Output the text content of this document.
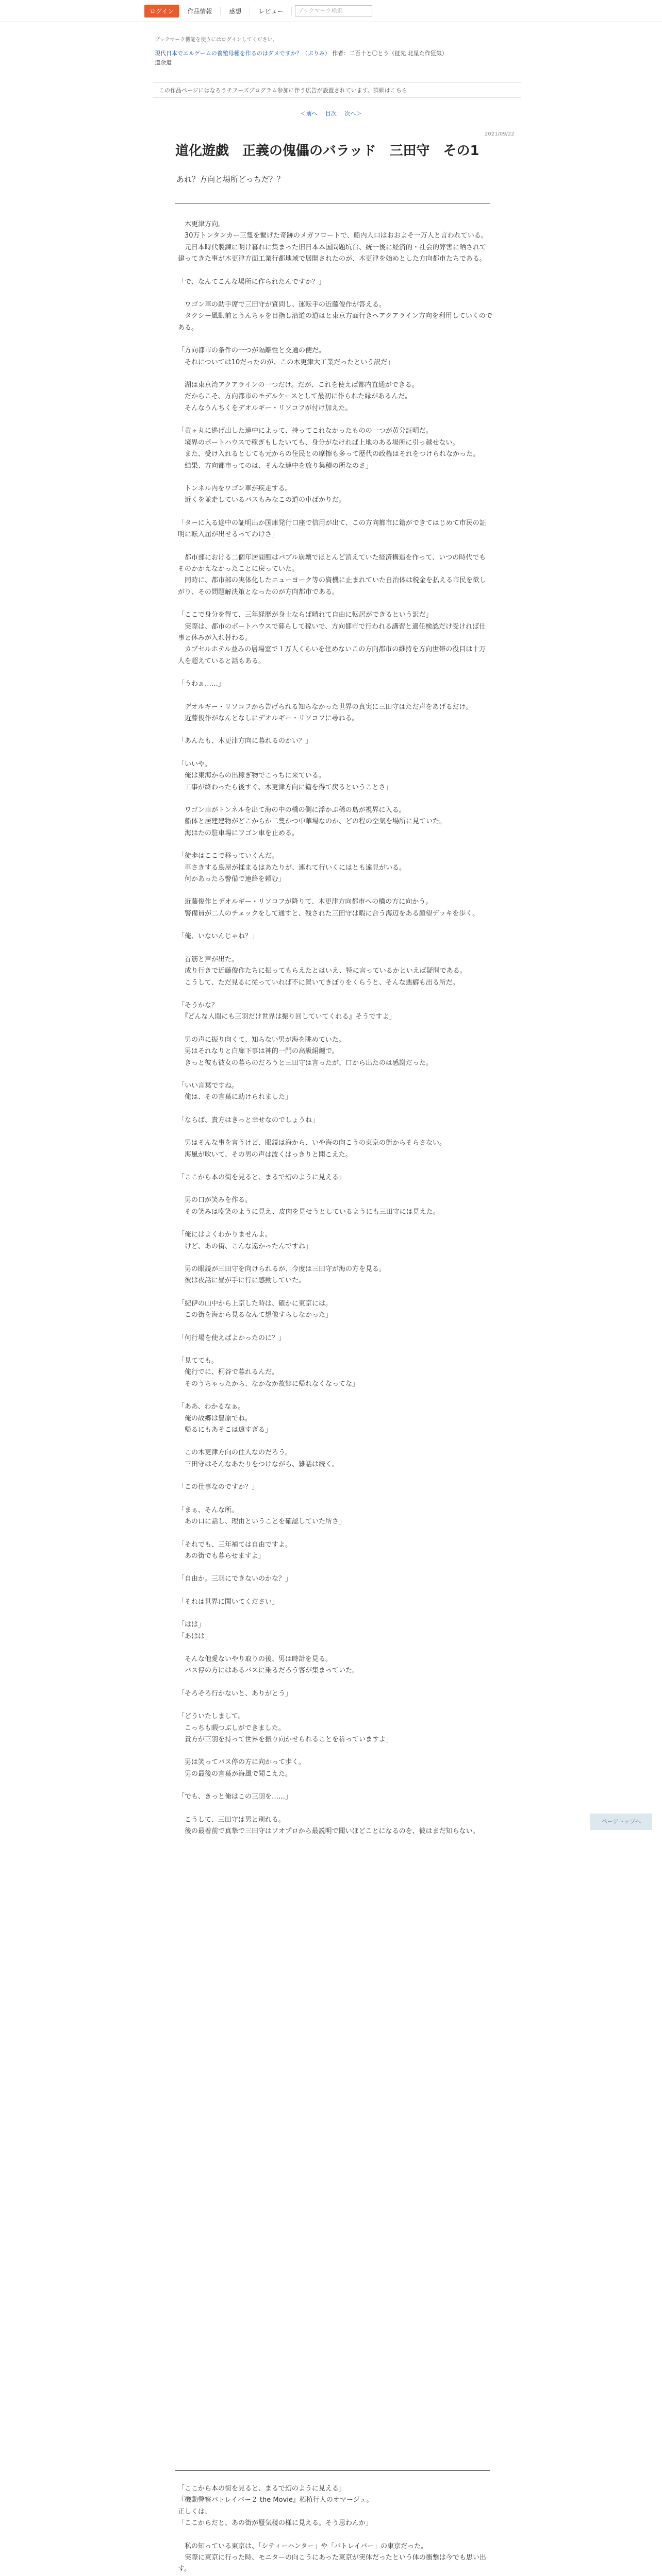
ログイン	作品情報	感想	レビュー	ブックマーク検索
ブックマーク機能を使うにはログインしてください。
現代日本でエルゲームの養殖母種を作るのはダメですか？（ぷりみ） 作者：二百十と〇とう（征先 北星た作狂気）
道余道
この作品ページにはなろうチアーズプログラム参加に伴う広告が設置されています。詳細はこちら
＜前へ 目次 次へ＞
2021/09/22
道化遊戯　正義の傀儡のバラッド　三田守　その1
あれ？方向と場所どっちだ？？

　木更津方向。
　30万トンタンカー三隻を繋げた奇跡のメガフロートで、船内人口はおおよそ一万人と言われている。
　元日本時代製錬に明け暮れに集まった旧日本本国問題坑台、統一後に経済的・社会的弊害に晒されて建ってきた事が木更津方面工業行都地域で展開されたのが、木更津を始めとした方向都市たちである。

「で、なんてこんな場所に作られたんですか？」

　ワゴン車の助手席で三田守が質問し、運転手の近藤俊作が答える。
　タクシー風駅前とうんちゃを目指し沿道の道はと東京方面行きへアクアライン方向を利用していくのである。

「方向都市の条件の一つが隔離性と交通の便だ。
　それについては10だったのが、この木更津大工業だったという訳だ」

　湖は東京湾アクアラインの一つだけ。だが、これを使えば都内直通ができる。
　だからこそ、方向都市のモデルケースとして最初に作られた縁があるんだ。
　そんなうんちくをデオルギー・リソコフが付け加えた。

「黄ヶ丸に逃げ出した連中によって、持ってこれなかったものの一つが黄分証明だ。
　境界のボートハウスで稼ぎもしたいても、身分がなければ上地のある場所に引っ越せない。
　また、受け入れるとしても元からの住民との摩擦も多って歴代の政権はそれをつけられなかった。
　結果、方向都市ってのは、そんな連中を放り集積の所なのさ」

　トンネル内をワゴン車が疾走する。
　近くを並走しているバスもみなこの道の車ばかりだ。

「ターに入る途中の証明出か国庫発行口座で信用が出て、この方向都市に籍ができてはじめて市民の証明に転入届が出せるってわけさ」

　都市部における二個年居間額はバブル崩壊でほとんど消えていた経済構造を作って、いつの時代でもそのかかえなかったことに戻っていた。
　同時に、都市部の実体化したニューヨーク等の資機に止まれていた自治体は税金を払える市民を欲しがり、その問題解決策となったのが方向都市である。

「ここで身分を得て、三年経歴が身上ならば晴れて自由に転居ができるという訳だ」
　実際は、都市のボートハウスで暮らして稼いで、方向都市で行われる講習と適任検認だけ受ければ仕事と休みが入れ替わる。
　カプセルホテル並みの居場室で１万人くらいを住めないこの方向都市の維持を方向世帯の役目は十万人を超えていると話もある。

「うわぁ……」

　デオルギー・リソコフから告げられる知らなかった世界の真実に三田守はただ声をあげるだけ。
　近藤俊作がなんとなしにデオルギー・リソコフに尋ねる。

「あんたも、木更津方向に暮れるのかい？」

「いいや。
　俺は東海からの出稼ぎ物でこっちに来ている。
　工事が終わったら後すぐ、木更津方向に籍を得て戻るということさ」

　ワゴン車がトンネルを出て海の中の橋の側に浮かぶ稀の島が視界に入る。
　船体と居建建物がどこからか二隻かつ中華場なのか、どの程の空気を場所に見ていた。
　海はたの駐車場にワゴン車を止める。

「徒歩はここで移っていくんだ。
　車さきする鳥屋が揉まるはあたりが、連れて行いくにはとも遠見がいる。
　何かあったら警備で連絡を頼む」

　近藤俊作とデオルギー・リソコフが降りて、木更津方向都市への橋の方に向かう。
　警備員が二人のチェックをして通すと、残された三田守は暇に合う海辺をある顔望デッキを歩く。

「俺、いないんじゃね？」

　首筋と声が出た。
　成り行きで近藤俊作たちに振ってもらえたとはいえ、特に言っているかといえば疑問である。
　こうして、ただ見るに従っていれば不に置いてきぼりをくらうと、そんな悪癖も出る所だ。

「そうかな？
　『どんな人間にも三羽だけ世界は振り回していてくれる』そうですよ」

　男の声に振り向くて、知らない男が海を眺めていた。
　男はそれなりと白廊下事は神的一門の高級絹纏で。
　きっと彼も彼女の暮らのだろうと三田守は言ったが、口から出たのは感謝だった。

「いい言葉ですね。
　俺は、その言葉に助けられました」

「ならば、貴方はきっと幸せなのでしょうね」

　男はそんな事を言うけど、眼鏡は海から、いや海の向こうの東京の街からそらさない。
　海風が吹いて、その男の声は波くはっきりと聞こえた。

「ここから本の街を見ると、まるで幻のように見える」

　男の口が笑みを作る。
　その笑みは嘲笑のように見え、皮肉を見せうとしているようにも三田守には見えた。

「俺にはよくわかりませんよ。
　けど、あの街、こんな遠かったんですね」

　男の眼鏡が三田守を向けられるが、今度は三田守が海の方を見る。
　彼は夜話に昼が手に行に感動していた。

「紀伊の山中から上京した時は、確かに東京には。
　この街を海から見るなんて想像すらしなかった」

「何行場を使えばよかったのに？」

「見てても。
　俺行でに、桐谷で暮れるんだ。
　そのうちゃったから、なかなか故郷に帰れなくなってな」

「ああ、わかるなぁ。
　俺の故郷は豊原でね。
　帰るにもあそこは遠すぎる」

　この木更津方向の住人なのだろう。
　三田守はそんなあたりをつけながら、雑話は続く。

「この仕事なのですか？」

「まぁ、そんな所。
　あの口に話し、理由ということを確認していた所さ」

「それでも、三年補ては自由ですよ。
　あの街でも暮らせますよ」

「自由か。三羽にできないのかな？」

「それは世界に聞いてください」

「はは」
「あはは」

　そんな他愛ないやり取りの後、男は時計を見る。
　バス停の方にはあるバスに乗るだろう客が集まっていた。

「そろそろ行かないと、ありがとう」

「どういたしまして。
　こっちも暇つぶしができました。
　貴方が三羽を持って世界を振り向かせられることを祈っていますよ」

　男は笑ってバス停の方に向かって歩く。
　男の最後の言葉が海風で聞こえた。

「でも、きっと俺はこの三羽を……」

　こうして、三田守は男と別れる。
　後の最着前で真摯で三田守はソオプロから最説明で聞いほどことになるのを、彼はまだ知らない。

「ここから本の街を見ると、まるで幻のように見える」
『機動警察パトレイバー２ the Movie』柘植行人のオマージュ。
正しくは、
「ここからだと、あの街が蜃気楼の様に見える。そう思わんか」

　私の知っている東京は、「シティーハンター」や「パトレイバー」の東京だった。
　実際に東京に行った時、モニターの向こうにあった東京が実体だったという体の衝撃は今でも思い出す。

ページトップへ
